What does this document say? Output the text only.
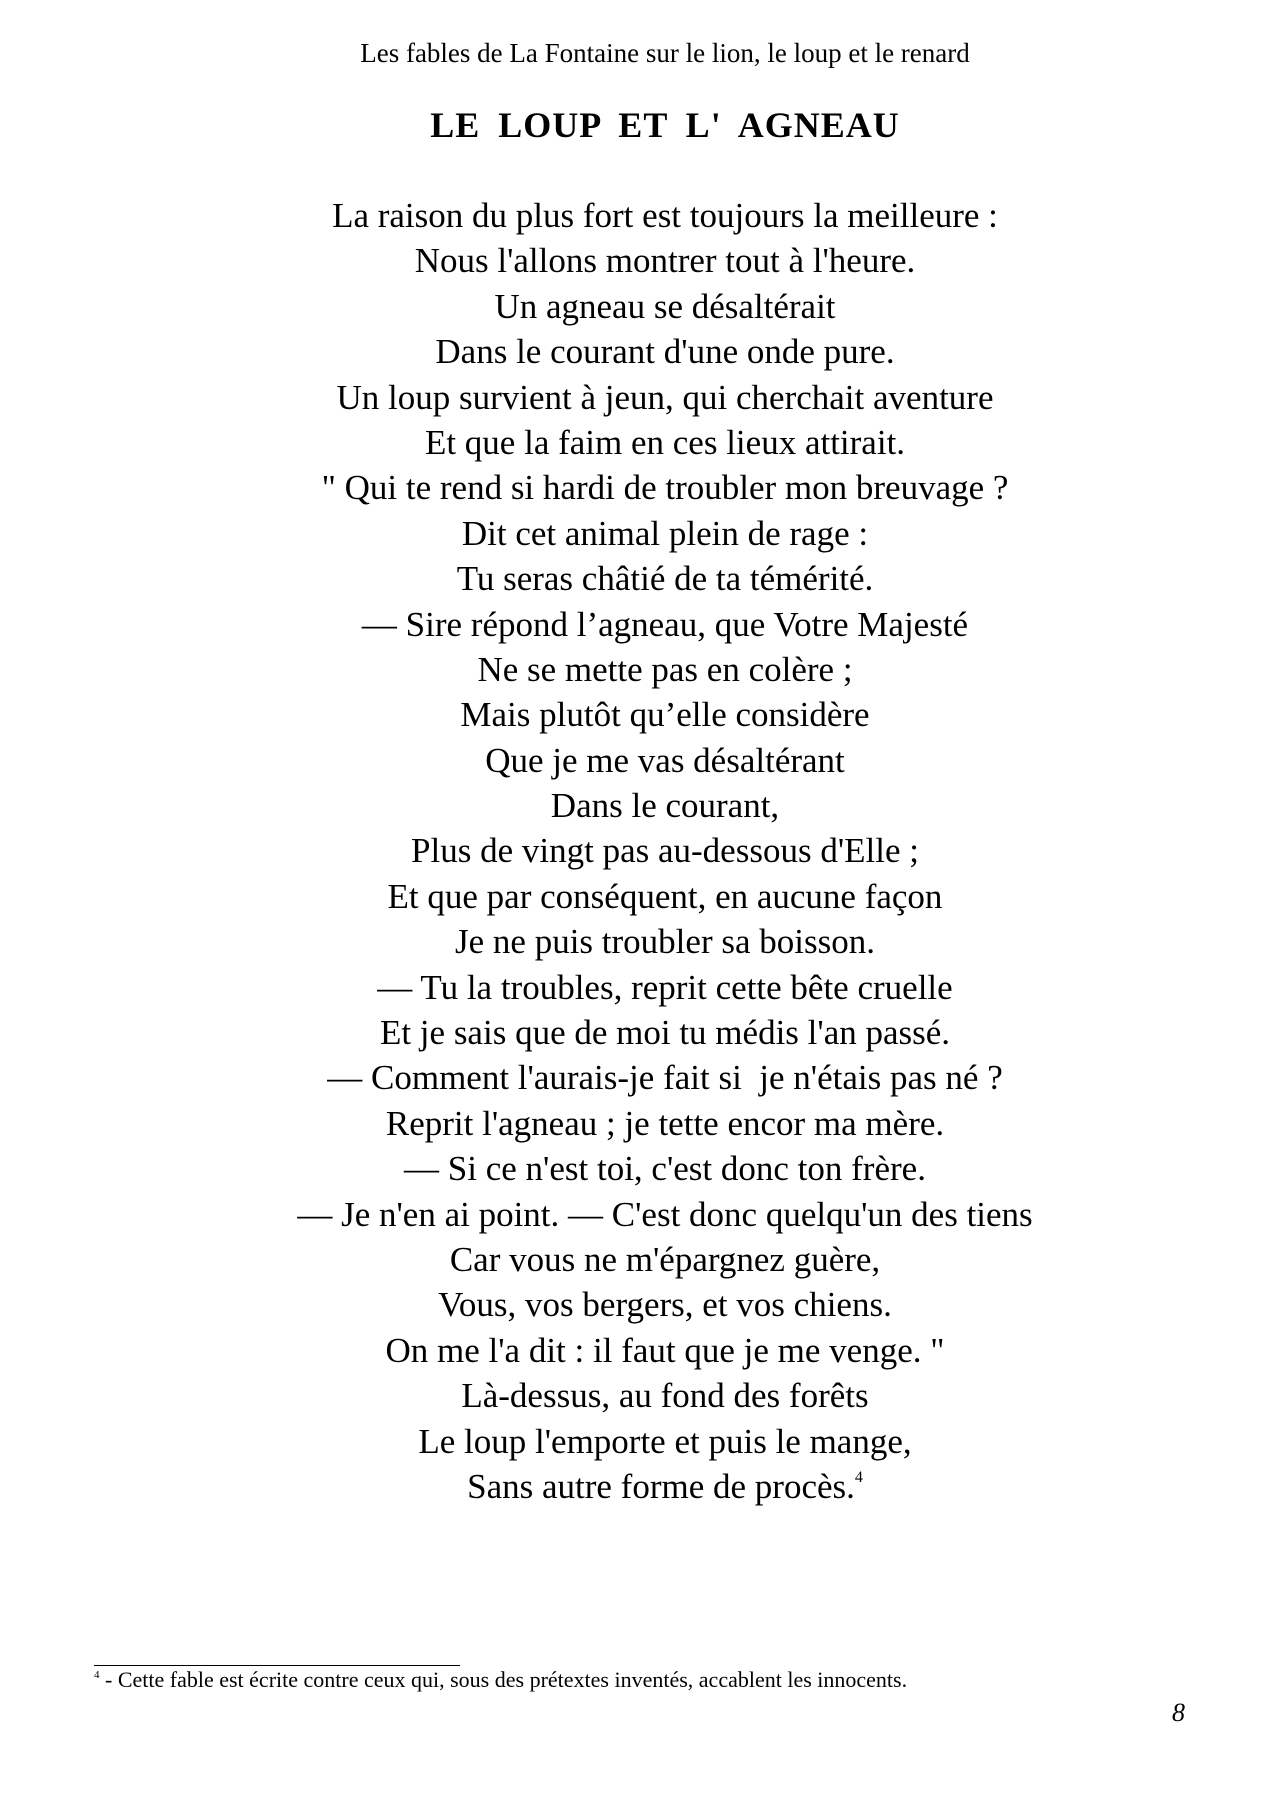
Les fables de La Fontaine sur le lion, le loup et le renard
LE LOUP ET L' AGNEAU
La raison du plus fort est toujours la meilleure :
Nous l'allons montrer tout à l'heure.
Un agneau se désaltérait
Dans le courant d'une onde pure.
Un loup survient à jeun, qui cherchait aventure
Et que la faim en ces lieux attirait.
" Qui te rend si hardi de troubler mon breuvage ?
Dit cet animal plein de rage :
Tu seras châtié de ta témérité.
— Sire répond l’agneau, que Votre Majesté
Ne se mette pas en colère ;
Mais plutôt qu’elle considère
Que je me vas désaltérant
Dans le courant,
Plus de vingt pas au-dessous d'Elle ;
Et que par conséquent, en aucune façon
Je ne puis troubler sa boisson.
— Tu la troubles, reprit cette bête cruelle
Et je sais que de moi tu médis l'an passé.
— Comment l'aurais-je fait si  je n'étais pas né ?
Reprit l'agneau ; je tette encor ma mère.
— Si ce n'est toi, c'est donc ton frère.
— Je n'en ai point. — C'est donc quelqu'un des tiens
Car vous ne m'épargnez guère,
Vous, vos bergers, et vos chiens.
On me l'a dit : il faut que je me venge. "
Là-dessus, au fond des forêts
Le loup l'emporte et puis le mange,
Sans autre forme de procès.$^4$
$^4$ - Cette fable est écrite contre ceux qui, sous des prétextes inventés, accablent les innocents.
8
